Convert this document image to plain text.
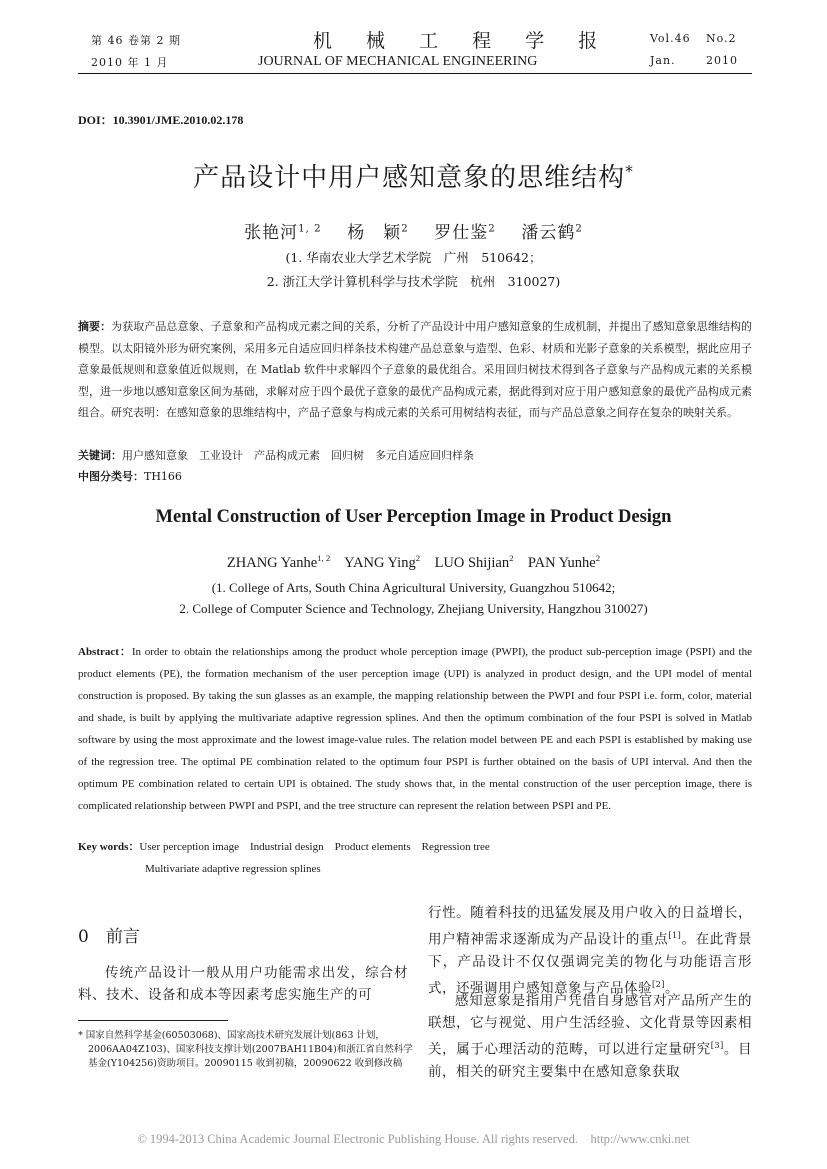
第 46 卷第 2 期
2010 年 1 月
机 械 工 程 学 报
JOURNAL OF MECHANICAL ENGINEERING
Vol.46 No.2
Jan.	2010
DOI：10.3901/JME.2010.02.178
产品设计中用户感知意象的思维结构*
张艳河$^{1, 2}$ 杨　颖$^2$ 罗仕鉴$^2$ 潘云鹤$^2$
(1. 华南农业大学艺术学院　广州　510642；
2. 浙江大学计算机科学与技术学院　杭州　310027)
摘要：为获取产品总意象、子意象和产品构成元素之间的关系，分析了产品设计中用户感知意象的生成机制，并提出了感知意象思维结构的模型。以太阳镜外形为研究案例，采用多元自适应回归样条技术构建产品总意象与造型、色彩、材质和光影子意象的关系模型，据此应用子意象最低规则和意象值近似规则，在 Matlab 软件中求解四个子意象的最优组合。采用回归树技术得到各子意象与产品构成元素的关系模型，进一步地以感知意象区间为基础，求解对应于四个最优子意象的最优产品构成元素，据此得到对应于用户感知意象的最优产品构成元素组合。研究表明：在感知意象的思维结构中，产品子意象与构成元素的关系可用树结构表征，而与产品总意象之间存在复杂的映射关系。
关键词：用户感知意象　工业设计　产品构成元素　回归树　多元自适应回归样条
中图分类号：TH166
Mental Construction of User Perception Image in Product Design
ZHANG Yanhe$^{1, 2}$ YANG Ying$^2$ LUO Shijian$^2$ PAN Yunhe$^2$
(1. College of Arts, South China Agricultural University, Guangzhou 510642;
2. College of Computer Science and Technology, Zhejiang University, Hangzhou 310027)
Abstract：In order to obtain the relationships among the product whole perception image (PWPI), the product sub-perception image (PSPI) and the product elements (PE), the formation mechanism of the user perception image (UPI) is analyzed in product design, and the UPI model of mental construction is proposed. By taking the sun glasses as an example, the mapping relationship between the PWPI and four PSPI i.e. form, color, material and shade, is built by applying the multivariate adaptive regression splines. And then the optimum combination of the four PSPI is solved in Matlab software by using the most approximate and the lowest image-value rules. The relation model between PE and each PSPI is established by making use of the regression tree. The optimal PE combination related to the optimum four PSPI is further obtained on the basis of UPI interval. And then the optimum PE combination related to certain UPI is obtained. The study shows that, in the mental construction of the user perception image, there is complicated relationship between PWPI and PSPI, and the tree structure can represent the relation between PSPI and PE.
Key words：User perception image　Industrial design　Product elements　Regression tree
Multivariate adaptive regression splines
0　前言
传统产品设计一般从用户功能需求出发，综合材料、技术、设备和成本等因素考虑实施生产的可
* 国家自然科学基金(60503068)、国家高技术研究发展计划(863 计划，2006AA04Z103)、国家科技支撑计划(2007BAH11B04)和浙江省自然科学基金(Y104256)资助项目。20090115 收到初稿，20090622 收到修改稿
行性。随着科技的迅猛发展及用户收入的日益增长，用户精神需求逐渐成为产品设计的重点[1]。在此背景下，产品设计不仅仅强调完美的物化与功能语言形式，还强调用户感知意象与产品体验[2]。
感知意象是指用户凭借自身感官对产品所产生的联想，它与视觉、用户生活经验、文化背景等因素相关，属于心理活动的范畴，可以进行定量研究[3]。目前，相关的研究主要集中在感知意象获取
© 1994-2013 China Academic Journal Electronic Publishing House. All rights reserved.　http://www.cnki.net
